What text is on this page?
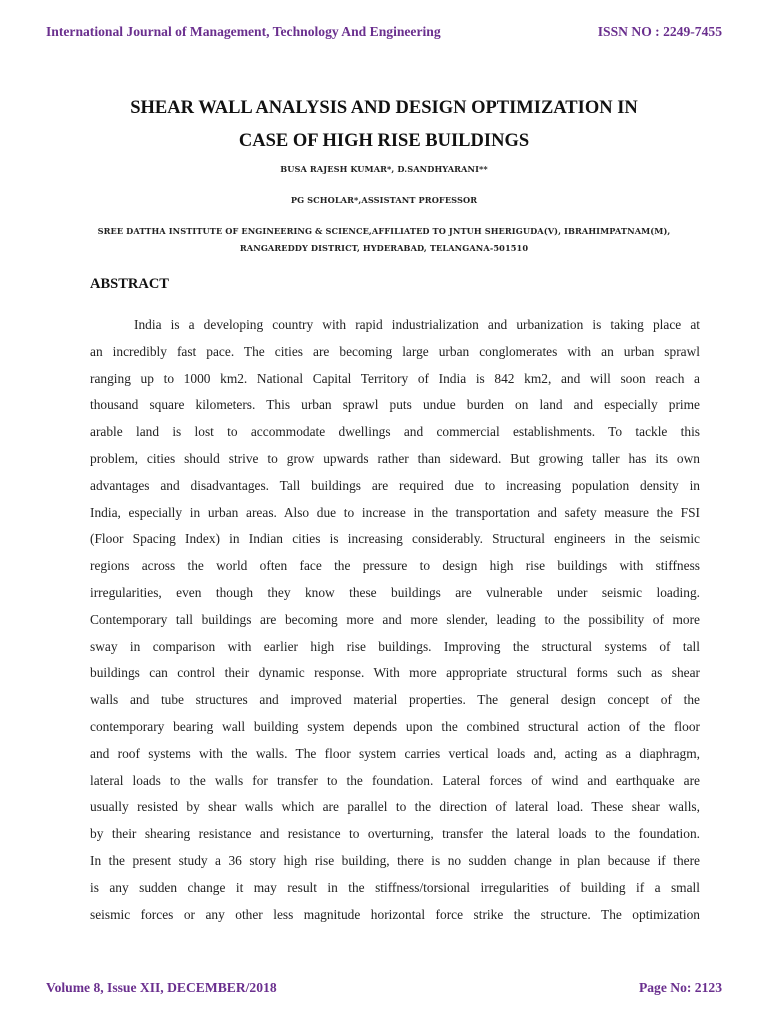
International Journal of Management, Technology And Engineering	ISSN NO : 2249-7455
SHEAR WALL ANALYSIS AND DESIGN OPTIMIZATION IN
CASE OF HIGH RISE BUILDINGS
BUSA RAJESH KUMAR*, D.SANDHYARANI**
PG SCHOLAR*,ASSISTANT PROFESSOR
SREE DATTHA INSTITUTE OF ENGINEERING & SCIENCE,AFFILIATED TO JNTUH SHERIGUDA(V), IBRAHIMPATNAM(M),
RANGAREDDY DISTRICT, HYDERABAD, TELANGANA-501510
ABSTRACT
India is a developing country with rapid industrialization and urbanization is taking place at
an incredibly fast pace. The cities are becoming large urban conglomerates with an urban sprawl
ranging up to 1000 km2. National Capital Territory of India is 842 km2, and will soon reach a
thousand square kilometers. This urban sprawl puts undue burden on land and especially prime
arable land is lost to accommodate dwellings and commercial establishments. To tackle this
problem, cities should strive to grow upwards rather than sideward. But growing taller has its own
advantages and disadvantages. Tall buildings are required due to increasing population density in
India, especially in urban areas. Also due to increase in the transportation and safety measure the FSI
(Floor Spacing Index) in Indian cities is increasing considerably. Structural engineers in the seismic
regions across the world often face the pressure to design high rise buildings with stiffness
irregularities, even though they know these buildings are vulnerable under seismic loading.
Contemporary tall buildings are becoming more and more slender, leading to the possibility of more
sway in comparison with earlier high rise buildings. Improving the structural systems of tall
buildings can control their dynamic response. With more appropriate structural forms such as shear
walls and tube structures and improved material properties. The general design concept of the
contemporary bearing wall building system depends upon the combined structural action of the floor
and roof systems with the walls. The floor system carries vertical loads and, acting as a diaphragm,
lateral loads to the walls for transfer to the foundation. Lateral forces of wind and earthquake are
usually resisted by shear walls which are parallel to the direction of lateral load. These shear walls,
by their shearing resistance and resistance to overturning, transfer the lateral loads to the foundation.
In the present study a 36 story high rise building, there is no sudden change in plan because if there
is any sudden change it may result in the stiffness/torsional irregularities of building if a small
seismic forces or any other less magnitude horizontal force strike the structure. The optimization
Volume 8, Issue XII, DECEMBER/2018	Page No: 2123
